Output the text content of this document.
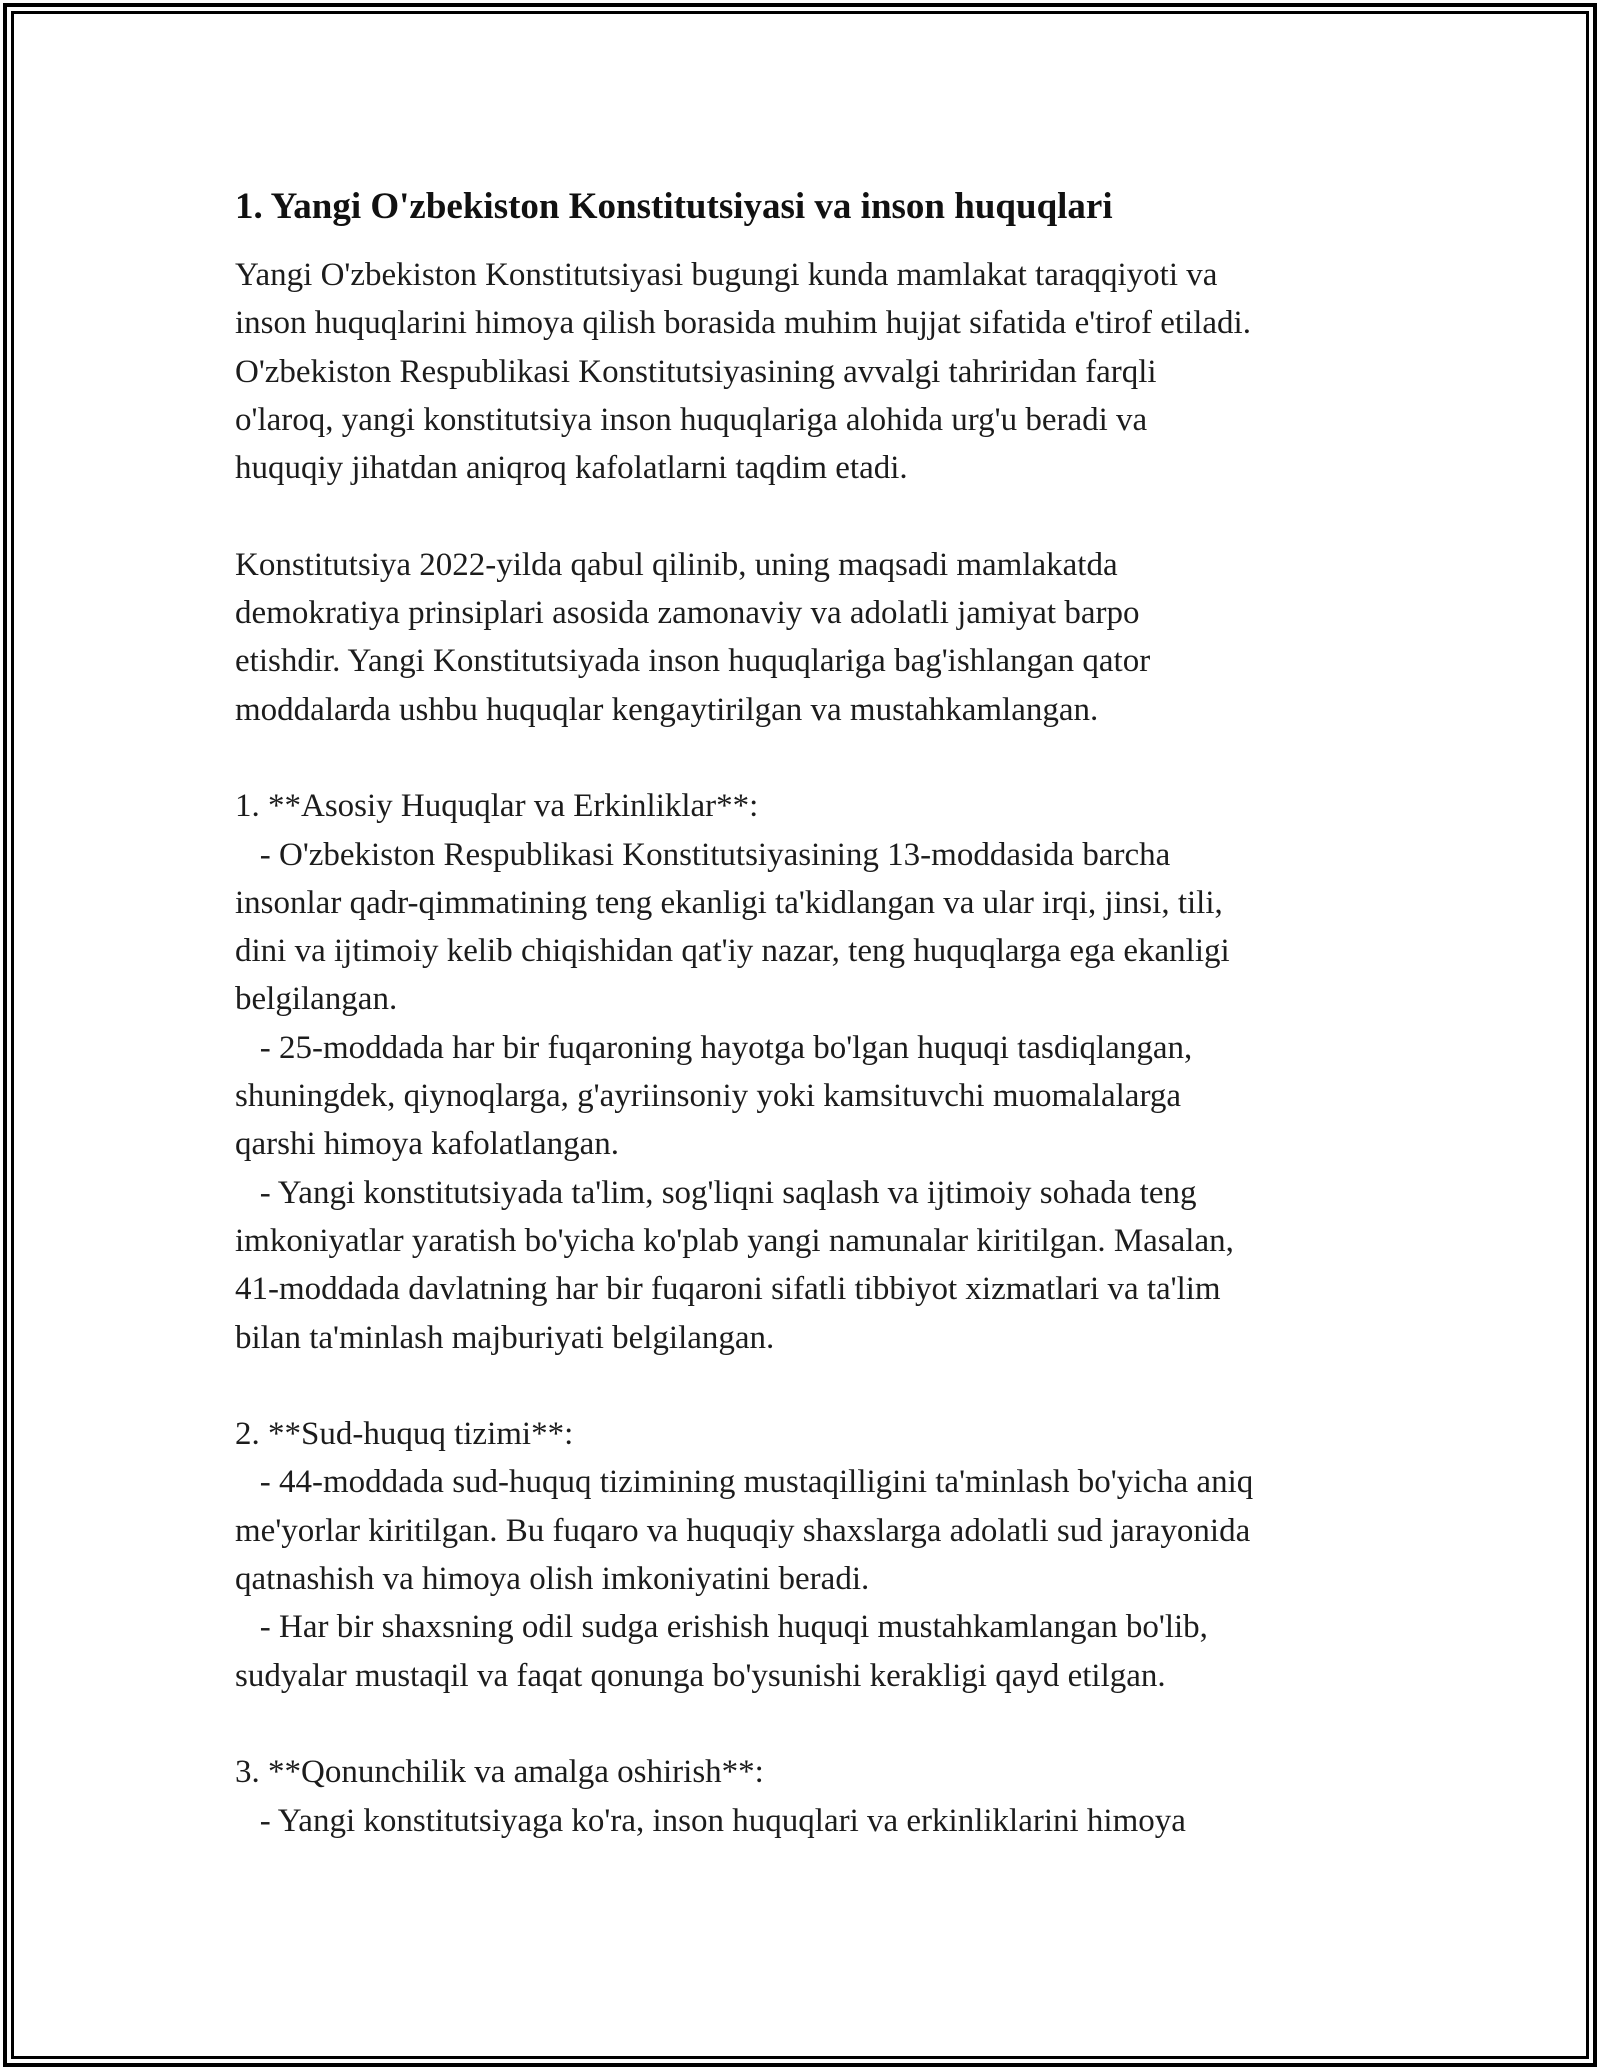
1. Yangi O'zbekiston Konstitutsiyasi va inson huquqlari

Yangi O'zbekiston Konstitutsiyasi bugungi kunda mamlakat taraqqiyoti va

inson huquqlarini himoya qilish borasida muhim hujjat sifatida e'tirof etiladi.

O'zbekiston Respublikasi Konstitutsiyasining avvalgi tahriridan farqli

o'laroq, yangi konstitutsiya inson huquqlariga alohida urg'u beradi va

huquqiy jihatdan aniqroq kafolatlarni taqdim etadi.

Konstitutsiya 2022-yilda qabul qilinib, uning maqsadi mamlakatda

demokratiya prinsiplari asosida zamonaviy va adolatli jamiyat barpo

etishdir. Yangi Konstitutsiyada inson huquqlariga bag'ishlangan qator

moddalarda ushbu huquqlar kengaytirilgan va mustahkamlangan.

1. **Asosiy Huquqlar va Erkinliklar**:

- O'zbekiston Respublikasi Konstitutsiyasining 13-moddasida barcha

insonlar qadr-qimmatining teng ekanligi ta'kidlangan va ular irqi, jinsi, tili,

dini va ijtimoiy kelib chiqishidan qat'iy nazar, teng huquqlarga ega ekanligi

belgilangan.

- 25-moddada har bir fuqaroning hayotga bo'lgan huquqi tasdiqlangan,

shuningdek, qiynoqlarga, g'ayriinsoniy yoki kamsituvchi muomalalarga

qarshi himoya kafolatlangan.

- Yangi konstitutsiyada ta'lim, sog'liqni saqlash va ijtimoiy sohada teng

imkoniyatlar yaratish bo'yicha ko'plab yangi namunalar kiritilgan. Masalan,

41-moddada davlatning har bir fuqaroni sifatli tibbiyot xizmatlari va ta'lim

bilan ta'minlash majburiyati belgilangan.

2. **Sud-huquq tizimi**:

- 44-moddada sud-huquq tizimining mustaqilligini ta'minlash bo'yicha aniq

me'yorlar kiritilgan. Bu fuqaro va huquqiy shaxslarga adolatli sud jarayonida

qatnashish va himoya olish imkoniyatini beradi.

- Har bir shaxsning odil sudga erishish huquqi mustahkamlangan bo'lib,

sudyalar mustaqil va faqat qonunga bo'ysunishi kerakligi qayd etilgan.

3. **Qonunchilik va amalga oshirish**:

- Yangi konstitutsiyaga ko'ra, inson huquqlari va erkinliklarini himoya
